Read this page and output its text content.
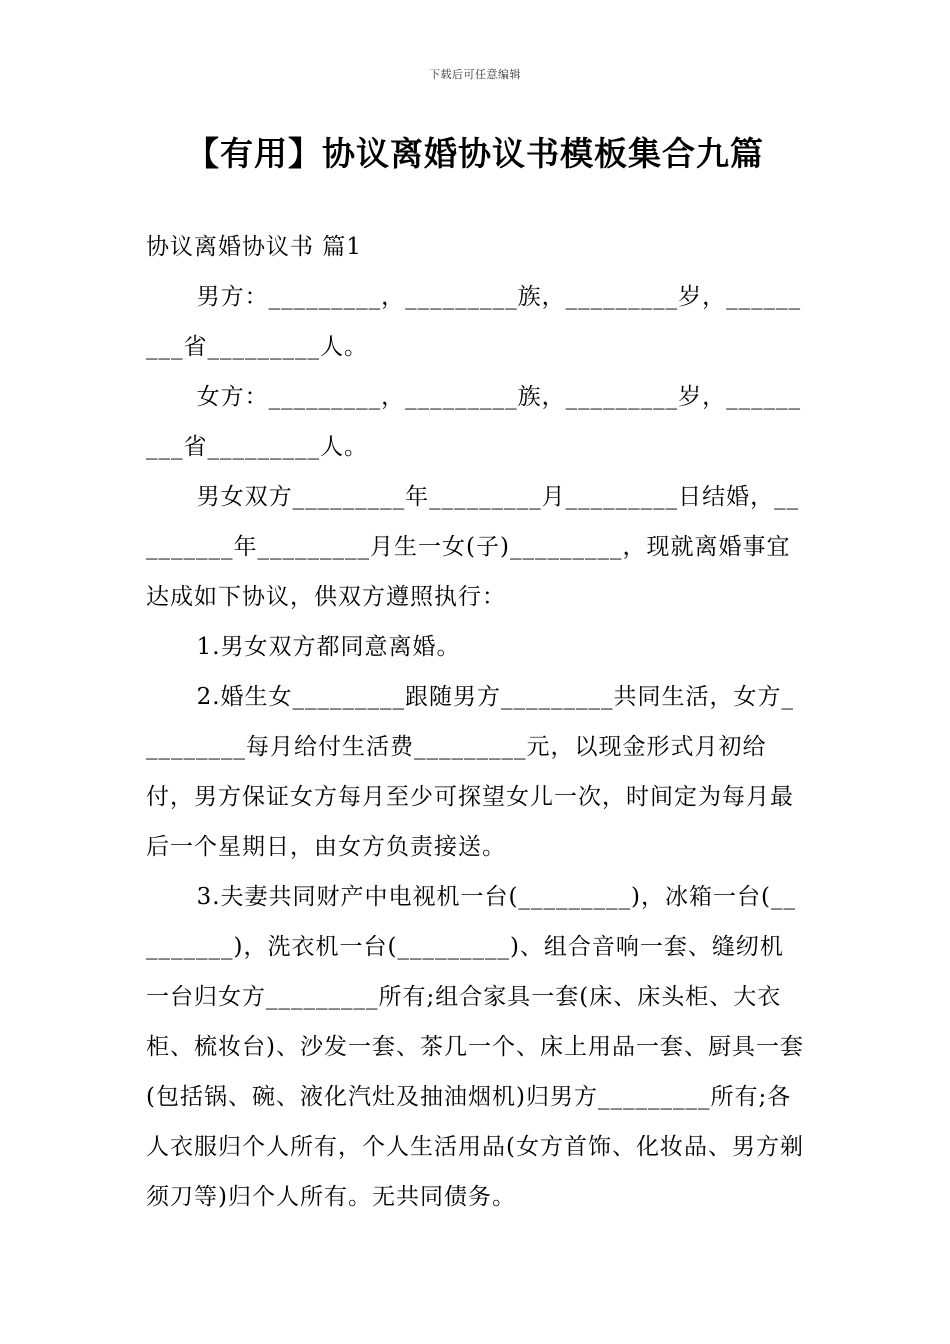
下载后可任意编辑
【有用】协议离婚协议书模板集合九篇

协议离婚协议书 篇1

男方：_________，_________族，_________岁，_________省_________人。

女方：_________，_________族，_________岁，_________省_________人。

男女双方_________年_________月_________日结婚，_________年_________月生一女(子)_________，现就离婚事宜达成如下协议，供双方遵照执行：

1.男女双方都同意离婚。

2.婚生女_________跟随男方_________共同生活，女方_________每月给付生活费_________元，以现金形式月初给付，男方保证女方每月至少可探望女儿一次，时间定为每月最后一个星期日，由女方负责接送。

3.夫妻共同财产中电视机一台(_________)，冰箱一台(_________)，洗衣机一台(_________)、组合音响一套、缝纫机一台归女方_________所有;组合家具一套(床、床头柜、大衣柜、梳妆台)、沙发一套、茶几一个、床上用品一套、厨具一套(包括锅、碗、液化汽灶及抽油烟机)归男方_________所有;各人衣服归个人所有，个人生活用品(女方首饰、化妆品、男方剃须刀等)归个人所有。无共同债务。
